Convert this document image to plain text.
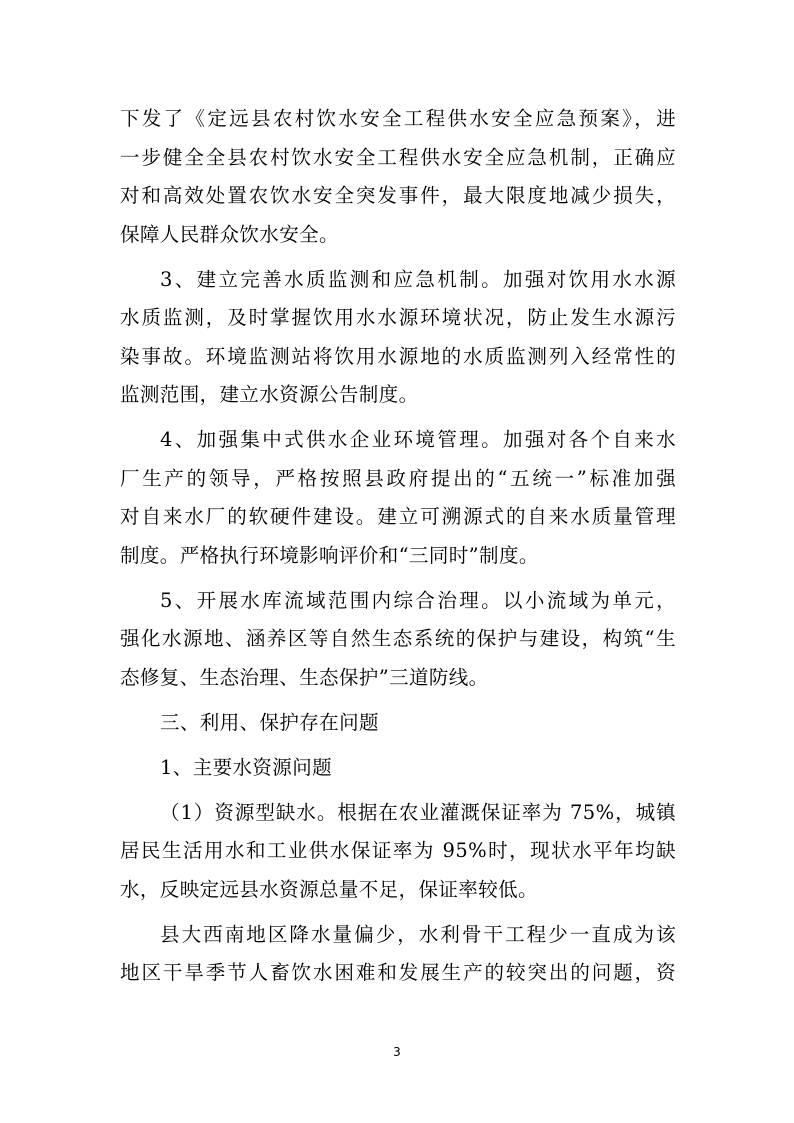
下发了《定远县农村饮水安全工程供水安全应急预案》，进
一步健全全县农村饮水安全工程供水安全应急机制，正确应
对和高效处置农饮水安全突发事件，最大限度地减少损失，
保障人民群众饮水安全。
3、建立完善水质监测和应急机制。加强对饮用水水源
水质监测，及时掌握饮用水水源环境状况，防止发生水源污
染事故。环境监测站将饮用水源地的水质监测列入经常性的
监测范围，建立水资源公告制度。
4、加强集中式供水企业环境管理。加强对各个自来水
厂生产的领导，严格按照县政府提出的“五统一”标准加强
对自来水厂的软硬件建设。建立可溯源式的自来水质量管理
制度。严格执行环境影响评价和“三同时”制度。
5、开展水库流域范围内综合治理。以小流域为单元，
强化水源地、涵养区等自然生态系统的保护与建设，构筑“生
态修复、生态治理、生态保护”三道防线。
三、利用、保护存在问题
1、主要水资源问题
（1）资源型缺水。根据在农业灌溉保证率为 75%，城镇
居民生活用水和工业供水保证率为 95%时，现状水平年均缺
水，反映定远县水资源总量不足，保证率较低。
县大西南地区降水量偏少，水利骨干工程少一直成为该
地区干旱季节人畜饮水困难和发展生产的较突出的问题，资
3
